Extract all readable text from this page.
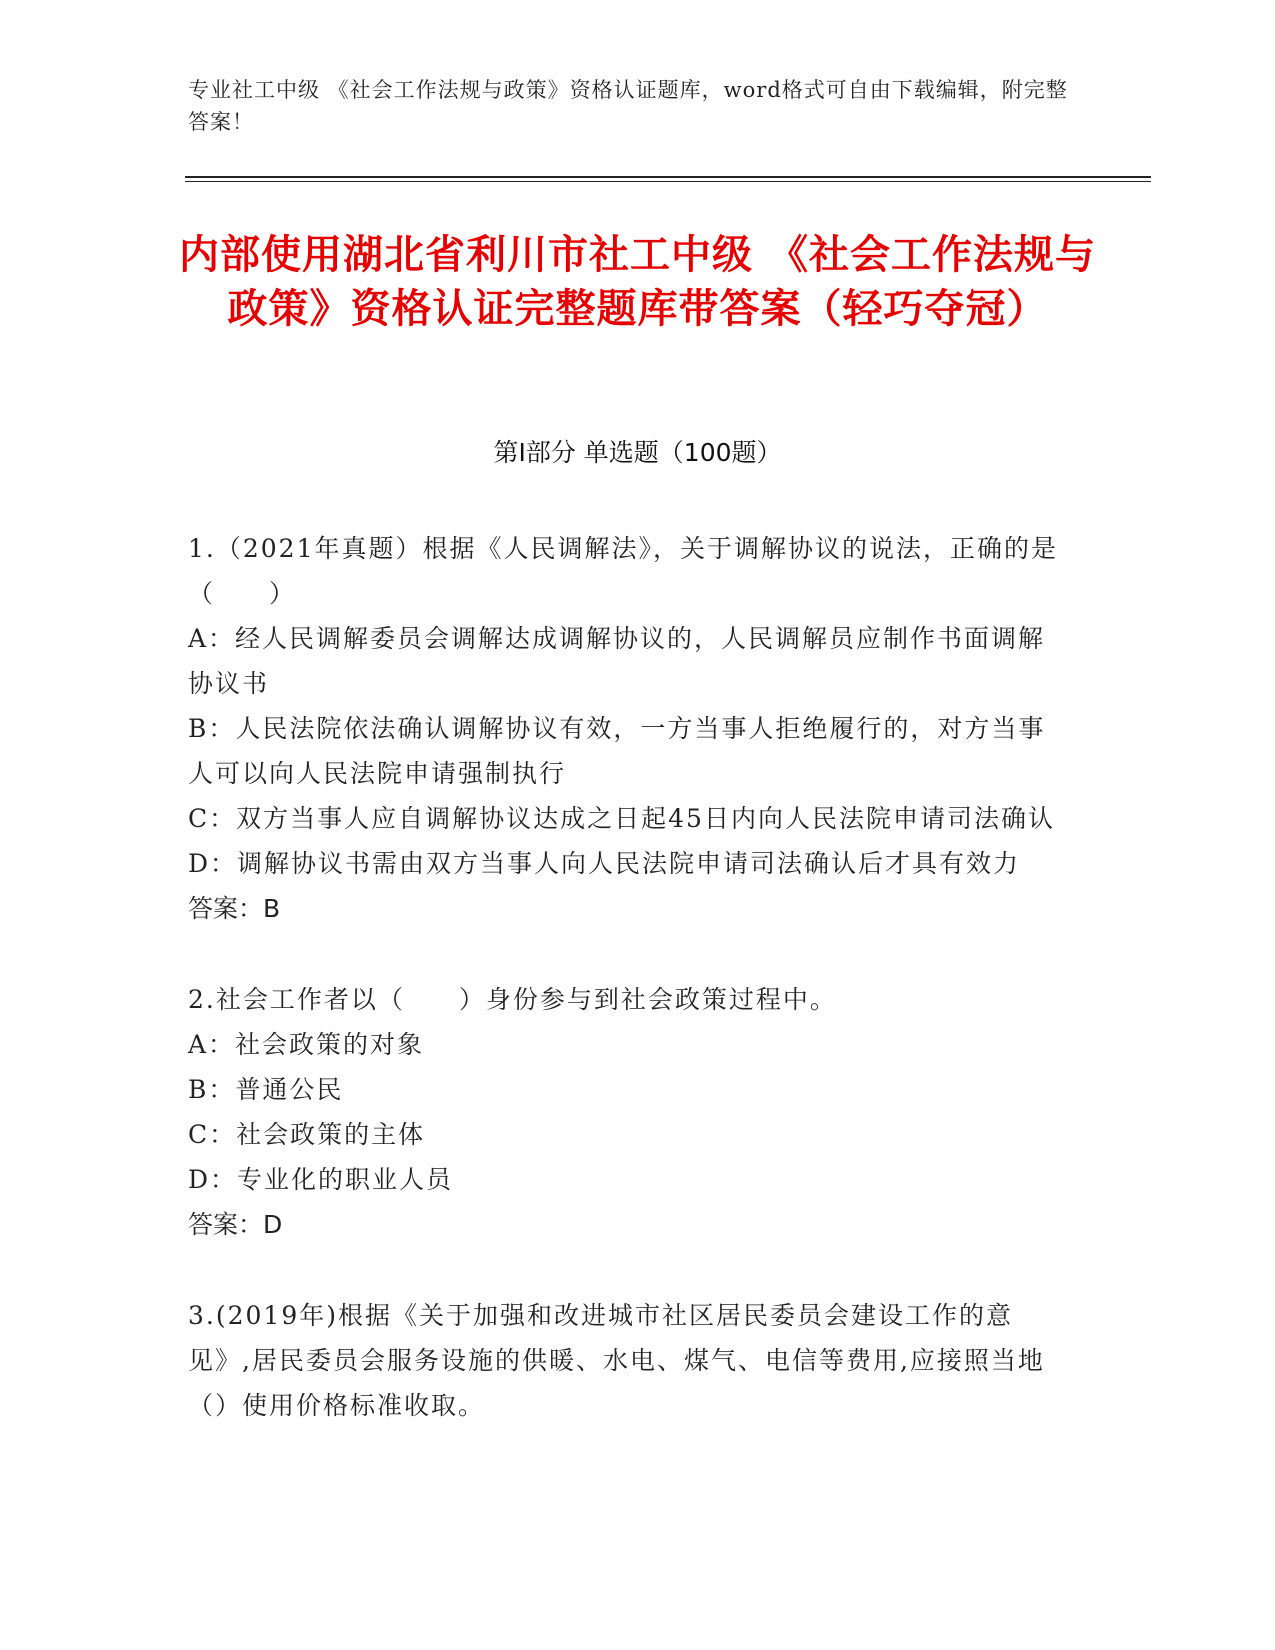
专业社工中级 《社会工作法规与政策》资格认证题库，word格式可自由下载编辑，附完整答案！
内部使用湖北省利川市社工中级 《社会工作法规与政策》资格认证完整题库带答案（轻巧夺冠）
第I部分 单选题（100题）

1.（2021年真题）根据《人民调解法》，关于调解协议的说法，正确的是（　　）

A：经人民调解委员会调解达成调解协议的，人民调解员应制作书面调解协议书

B：人民法院依法确认调解协议有效，一方当事人拒绝履行的，对方当事人可以向人民法院申请强制执行

C：双方当事人应自调解协议达成之日起45日内向人民法院申请司法确认

D：调解协议书需由双方当事人向人民法院申请司法确认后才具有效力

答案：B

2.社会工作者以（　　）身份参与到社会政策过程中。

A：社会政策的对象

B：普通公民

C：社会政策的主体

D：专业化的职业人员

答案：D

3.(2019年)根据《关于加强和改进城市社区居民委员会建设工作的意见》,居民委员会服务设施的供暖、水电、煤气、电信等费用,应接照当地（）使用价格标准收取。
